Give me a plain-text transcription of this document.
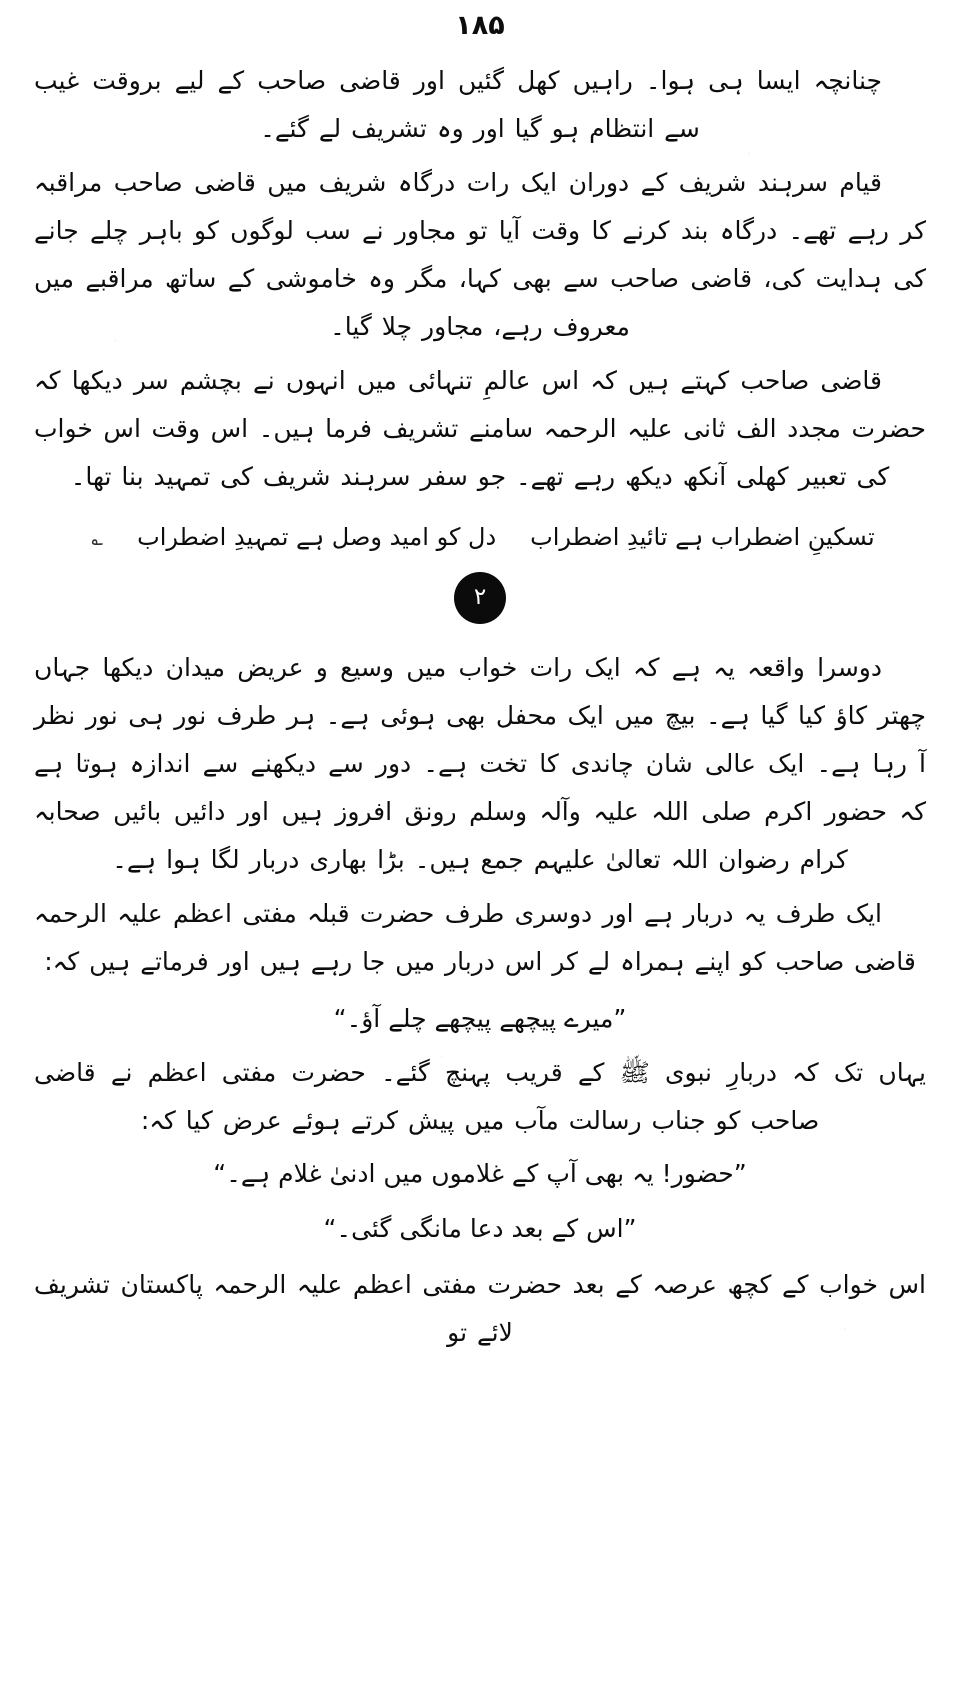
۱۸۵

چنانچہ ایسا ہی ہوا۔ راہیں کھل گئیں اور قاضی صاحب کے لیے بروقت غیب سے انتظام ہو گیا اور وہ تشریف لے گئے۔

قیام سرہند شریف کے دوران ایک رات درگاہ شریف میں قاضی صاحب مراقبہ کر رہے تھے۔ درگاہ بند کرنے کا وقت آیا تو مجاور نے سب لوگوں کو باہر چلے جانے کی ہدایت کی، قاضی صاحب سے بھی کہا، مگر وہ خاموشی کے ساتھ مراقبے میں معروف رہے، مجاور چلا گیا۔

قاضی صاحب کہتے ہیں کہ اس عالمِ تنہائی میں انہوں نے بچشم سر دیکھا کہ حضرت مجدد الف ثانی علیہ الرحمہ سامنے تشریف فرما ہیں۔ اس وقت اس خواب کی تعبیر کھلی آنکھ دیکھ رہے تھے۔ جو سفر سرہند شریف کی تمہید بنا تھا۔

؎ دل کو امید وصل ہے تمہیدِ اضطراب تسکینِ اضطراب ہے تائیدِ اضطراب
۲

دوسرا واقعہ یہ ہے کہ ایک رات خواب میں وسیع و عریض میدان دیکھا جہاں چھتر کاؤ کیا گیا ہے۔ بیچ میں ایک محفل بھی ہوئی ہے۔ ہر طرف نور ہی نور نظر آ رہا ہے۔ ایک عالی شان چاندی کا تخت ہے۔ دور سے دیکھنے سے اندازہ ہوتا ہے کہ حضور اکرم صلی اللہ علیہ وآلہ وسلم رونق افروز ہیں اور دائیں بائیں صحابہ کرام رضوان اللہ تعالیٰ علیہم جمع ہیں۔ بڑا بھاری دربار لگا ہوا ہے۔

ایک طرف یہ دربار ہے اور دوسری طرف حضرت قبلہ مفتی اعظم علیہ الرحمہ قاضی صاحب کو اپنے ہمراہ لے کر اس دربار میں جا رہے ہیں اور فرماتے ہیں کہ:

”میرے پیچھے پیچھے چلے آؤ۔“

یہاں تک کہ دربارِ نبوی ﷺ کے قریب پہنچ گئے۔ حضرت مفتی اعظم نے قاضی صاحب کو جناب رسالت مآب میں پیش کرتے ہوئے عرض کیا کہ:

”حضور! یہ بھی آپ کے غلاموں میں ادنیٰ غلام ہے۔“
”اس کے بعد دعا مانگی گئی۔“

اس خواب کے کچھ عرصہ کے بعد حضرت مفتی اعظم علیہ الرحمہ پاکستان تشریف لائے تو
